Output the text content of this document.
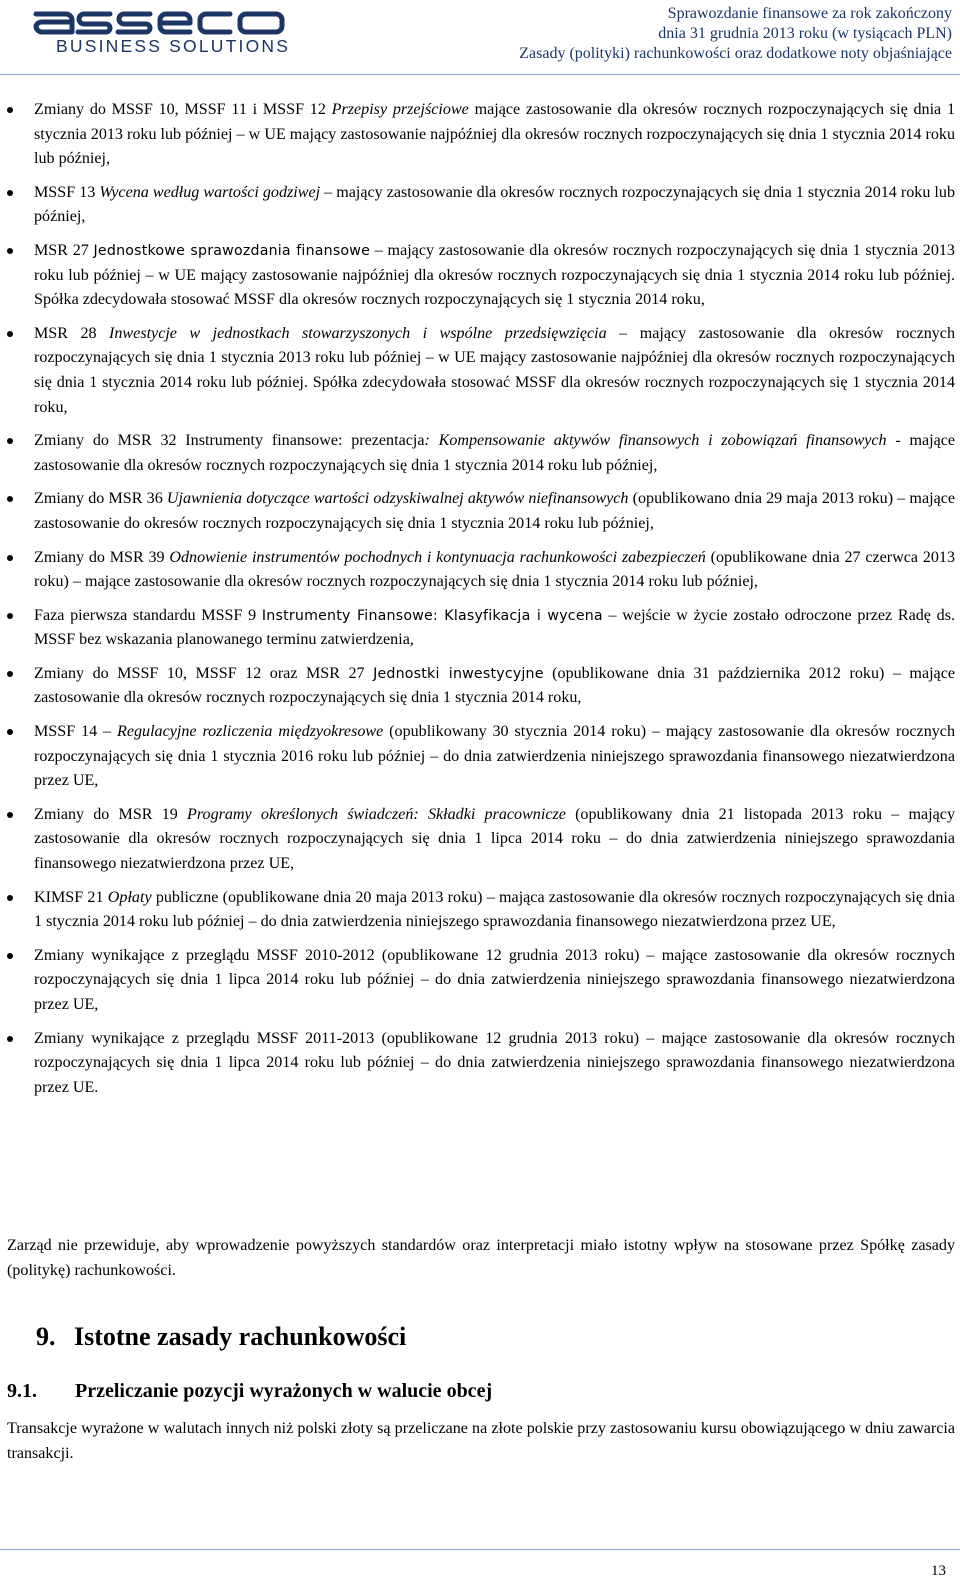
BUSINESS SOLUTIONS
Sprawozdanie finansowe za rok zakończony
dnia 31 grudnia 2013 roku (w tysiącach PLN)
Zasady (polityki) rachunkowości oraz dodatkowe noty objaśniające
Zmiany do MSSF 10, MSSF 11 i MSSF 12 Przepisy przejściowe mające zastosowanie dla okresów rocznych rozpoczynających się dnia 1 stycznia 2013 roku lub później – w UE mający zastosowanie najpóźniej dla okresów rocznych rozpoczynających się dnia 1 stycznia 2014 roku lub później,
MSSF 13 Wycena według wartości godziwej – mający zastosowanie dla okresów rocznych rozpoczynających się dnia 1 stycznia 2014 roku lub później,
MSR 27 Jednostkowe sprawozdania finansowe – mający zastosowanie dla okresów rocznych rozpoczynających się dnia 1 stycznia 2013 roku lub później – w UE mający zastosowanie najpóźniej dla okresów rocznych rozpoczynających się dnia 1 stycznia 2014 roku lub później. Spółka zdecydowała stosować MSSF dla okresów rocznych rozpoczynających się 1 stycznia 2014 roku,
MSR 28 Inwestycje w jednostkach stowarzyszonych i wspólne przedsięwzięcia – mający zastosowanie dla okresów rocznych rozpoczynających się dnia 1 stycznia 2013 roku lub później – w UE mający zastosowanie najpóźniej dla okresów rocznych rozpoczynających się dnia 1 stycznia 2014 roku lub później. Spółka zdecydowała stosować MSSF dla okresów rocznych rozpoczynających się 1 stycznia 2014 roku,
Zmiany do MSR 32 Instrumenty finansowe: prezentacja: Kompensowanie aktywów finansowych i zobowiązań finansowych - mające zastosowanie dla okresów rocznych rozpoczynających się dnia 1 stycznia 2014 roku lub później,
Zmiany do MSR 36 Ujawnienia dotyczące wartości odzyskiwalnej aktywów niefinansowych (opublikowano dnia 29 maja 2013 roku) – mające zastosowanie do okresów rocznych rozpoczynających się dnia 1 stycznia 2014 roku lub później,
Zmiany do MSR 39 Odnowienie instrumentów pochodnych i kontynuacja rachunkowości zabezpieczeń (opublikowane dnia 27 czerwca 2013 roku) – mające zastosowanie dla okresów rocznych rozpoczynających się dnia 1 stycznia 2014 roku lub później,
Faza pierwsza standardu MSSF 9 Instrumenty Finansowe: Klasyfikacja i wycena – wejście w życie zostało odroczone przez Radę ds. MSSF bez wskazania planowanego terminu zatwierdzenia,
Zmiany do MSSF 10, MSSF 12 oraz MSR 27 Jednostki inwestycyjne (opublikowane dnia 31 października 2012 roku) – mające zastosowanie dla okresów rocznych rozpoczynających się dnia 1 stycznia 2014 roku,
MSSF 14 – Regulacyjne rozliczenia międzyokresowe (opublikowany 30 stycznia 2014 roku) – mający zastosowanie dla okresów rocznych rozpoczynających się dnia 1 stycznia 2016 roku lub później – do dnia zatwierdzenia niniejszego sprawozdania finansowego niezatwierdzona przez UE,
Zmiany do MSR 19 Programy określonych świadczeń: Składki pracownicze (opublikowany dnia 21 listopada 2013 roku – mający zastosowanie dla okresów rocznych rozpoczynających się dnia 1 lipca 2014 roku – do dnia zatwierdzenia niniejszego sprawozdania finansowego niezatwierdzona przez UE,
KIMSF 21 Opłaty publiczne (opublikowane dnia 20 maja 2013 roku) – mająca zastosowanie dla okresów rocznych rozpoczynających się dnia 1 stycznia 2014 roku lub później – do dnia zatwierdzenia niniejszego sprawozdania finansowego niezatwierdzona przez UE,
Zmiany wynikające z przeglądu MSSF 2010-2012 (opublikowane 12 grudnia 2013 roku) – mające zastosowanie dla okresów rocznych rozpoczynających się dnia 1 lipca 2014 roku lub później – do dnia zatwierdzenia niniejszego sprawozdania finansowego niezatwierdzona przez UE,
Zmiany wynikające z przeglądu MSSF 2011-2013 (opublikowane 12 grudnia 2013 roku) – mające zastosowanie dla okresów rocznych rozpoczynających się dnia 1 lipca 2014 roku lub później – do dnia zatwierdzenia niniejszego sprawozdania finansowego niezatwierdzona przez UE.
Zarząd nie przewiduje, aby wprowadzenie powyższych standardów oraz interpretacji miało istotny wpływ na stosowane przez Spółkę zasady (politykę) rachunkowości.
9. Istotne zasady rachunkowości
9.1. Przeliczanie pozycji wyrażonych w walucie obcej
Transakcje wyrażone w walutach innych niż polski złoty są przeliczane na złote polskie przy zastosowaniu kursu obowiązującego w dniu zawarcia transakcji.
13
